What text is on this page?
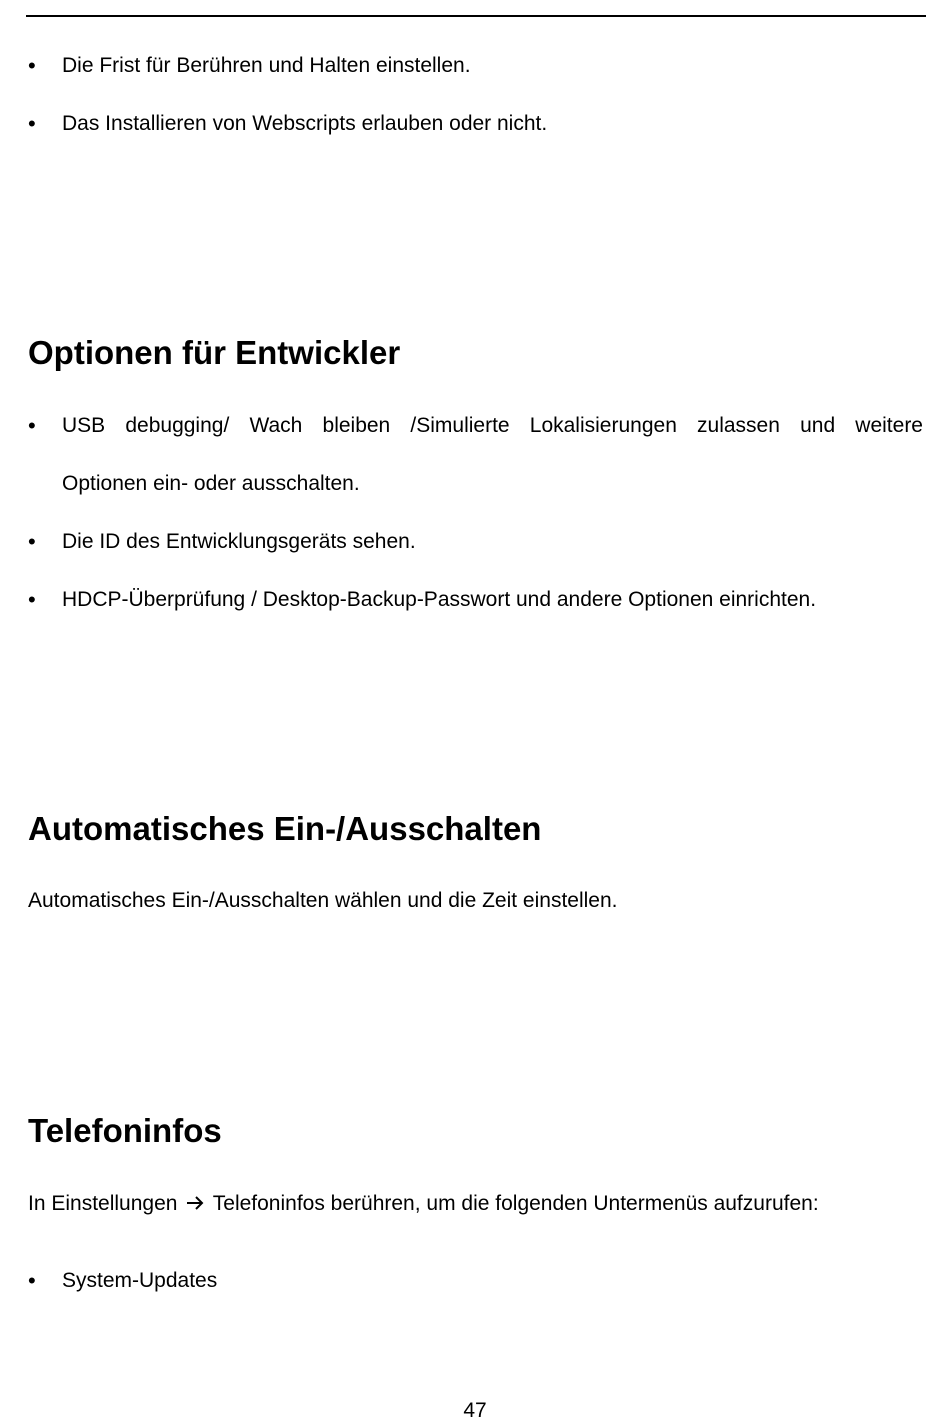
• Die Frist für Berühren und Halten einstellen.
• Das Installieren von Webscripts erlauben oder nicht.
Optionen für Entwickler
• USB debugging/ Wach bleiben /Simulierte Lokalisierungen zulassen und weitere
Optionen ein- oder ausschalten.
• Die ID des Entwicklungsgeräts sehen.
• HDCP-Überprüfung / Desktop-Backup-Passwort und andere Optionen einrichten.
Automatisches Ein-/Ausschalten
Automatisches Ein-/Ausschalten wählen und die Zeit einstellen.
Telefoninfos
In Einstellungen Telefoninfos berühren, um die folgenden Untermenüs aufzurufen:
• System-Updates
47
